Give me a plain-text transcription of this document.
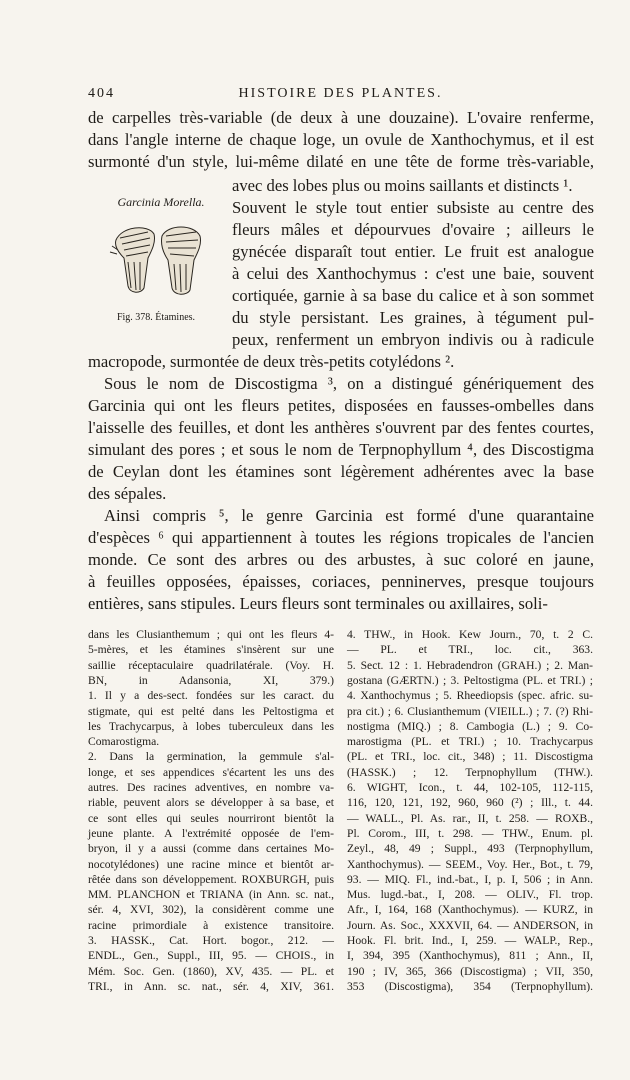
404	HISTOIRE DES PLANTES.
Garcinia Morella.
Fig. 378. Étamines.
de carpelles très-variable (de deux à une douzaine). L'ovaire renferme,
dans l'angle interne de chaque loge, un ovule de Xanthochymus, et il est
surmonté d'un style, lui-même dilaté en une tête de forme très-variable,
avec des lobes plus ou moins saillants et distincts ¹.
Souvent le style tout entier subsiste au centre des
fleurs mâles et dépourvues d'ovaire ; ailleurs le
gynécée disparaît tout entier. Le fruit est analogue
à celui des Xanthochymus : c'est une baie, souvent
cortiquée, garnie à sa base du calice et à son sommet
du style persistant. Les graines, à tégument pul-
peux, renferment un embryon indivis ou à radicule
macropode, surmontée de deux très-petits cotylédons ².
Sous le nom de Discostigma ³, on a distingué génériquement des
Garcinia qui ont les fleurs petites, disposées en fausses-ombelles dans
l'aisselle des feuilles, et dont les anthères s'ouvrent par des fentes courtes,
simulant des pores ; et sous le nom de Terpnophyllum ⁴, des Discostigma
de Ceylan dont les étamines sont légèrement adhérentes avec la base
des sépales.
Ainsi compris ⁵, le genre Garcinia est formé d'une quarantaine
d'espèces ⁶ qui appartiennent à toutes les régions tropicales de l'ancien
monde. Ce sont des arbres ou des arbustes, à suc coloré en jaune,
à feuilles opposées, épaisses, coriaces, penninerves, presque toujours
entières, sans stipules. Leurs fleurs sont terminales ou axillaires, soli-
dans les Clusianthemum ; qui ont les fleurs 4-
5-mères, et les étamines s'insèrent sur une
saillie réceptaculaire quadrilatérale. (Voy. H.
BN, in Adansonia, XI, 379.)
1. Il y a des-sect. fondées sur les caract. du
stigmate, qui est pelté dans les Peltostigma et
les Trachycarpus, à lobes tuberculeux dans les
Comarostigma.
2. Dans la germination, la gemmule s'al-
longe, et ses appendices s'écartent les uns des
autres. Des racines adventives, en nombre va-
riable, peuvent alors se développer à sa base, et
ce sont elles qui seules nourriront bientôt la
jeune plante. A l'extrémité opposée de l'em-
bryon, il y a aussi (comme dans certaines Mo-
nocotylédones) une racine mince et bientôt ar-
rêtée dans son développement. ROXBURGH, puis
MM. PLANCHON et TRIANA (in Ann. sc. nat.,
sér. 4, XVI, 302), la considèrent comme une
racine primordiale à existence transitoire.
3. HASSK., Cat. Hort. bogor., 212. —
ENDL., Gen., Suppl., III, 95. — CHOIS., in
Mém. Soc. Gen. (1860), XV, 435. — PL. et
TRI., in Ann. sc. nat., sér. 4, XIV, 361.
4. THW., in Hook. Kew Journ., 70, t. 2 C.
— PL. et TRI., loc. cit., 363.
5. Sect. 12 : 1. Hebradendron (GRAH.) ; 2. Man-
gostana (GÆRTN.) ; 3. Peltostigma (PL. et TRI.) ;
4. Xanthochymus ; 5. Rheediopsis (spec. afric. su-
pra cit.) ; 6. Clusianthemum (VIEILL.) ; 7. (?) Rhi-
nostigma (MIQ.) ; 8. Cambogia (L.) ; 9. Co-
marostigma (PL. et TRI.) ; 10. Trachycarpus
(PL. et TRI., loc. cit., 348) ; 11. Discostigma
(HASSK.) ; 12. Terpnophyllum (THW.).
6. WIGHT, Icon., t. 44, 102-105, 112-115,
116, 120, 121, 192, 960, 960 (²) ; Ill., t. 44.
— WALL., Pl. As. rar., II, t. 258. — ROXB.,
Pl. Corom., III, t. 298. — THW., Enum. pl.
Zeyl., 48, 49 ; Suppl., 493 (Terpnophyllum,
Xanthochymus). — SEEM., Voy. Her., Bot., t. 79,
93. — MIQ. Fl., ind.-bat., I, p. I, 506 ; in Ann.
Mus. lugd.-bat., I, 208. — OLIV., Fl. trop.
Afr., I, 164, 168 (Xanthochymus). — KURZ, in
Journ. As. Soc., XXXVII, 64. — ANDERSON, in
Hook. Fl. brit. Ind., I, 259. — WALP., Rep.,
I, 394, 395 (Xanthochymus), 811 ; Ann., II,
190 ; IV, 365, 366 (Discostigma) ; VII, 350,
353 (Discostigma), 354 (Terpnophyllum).
